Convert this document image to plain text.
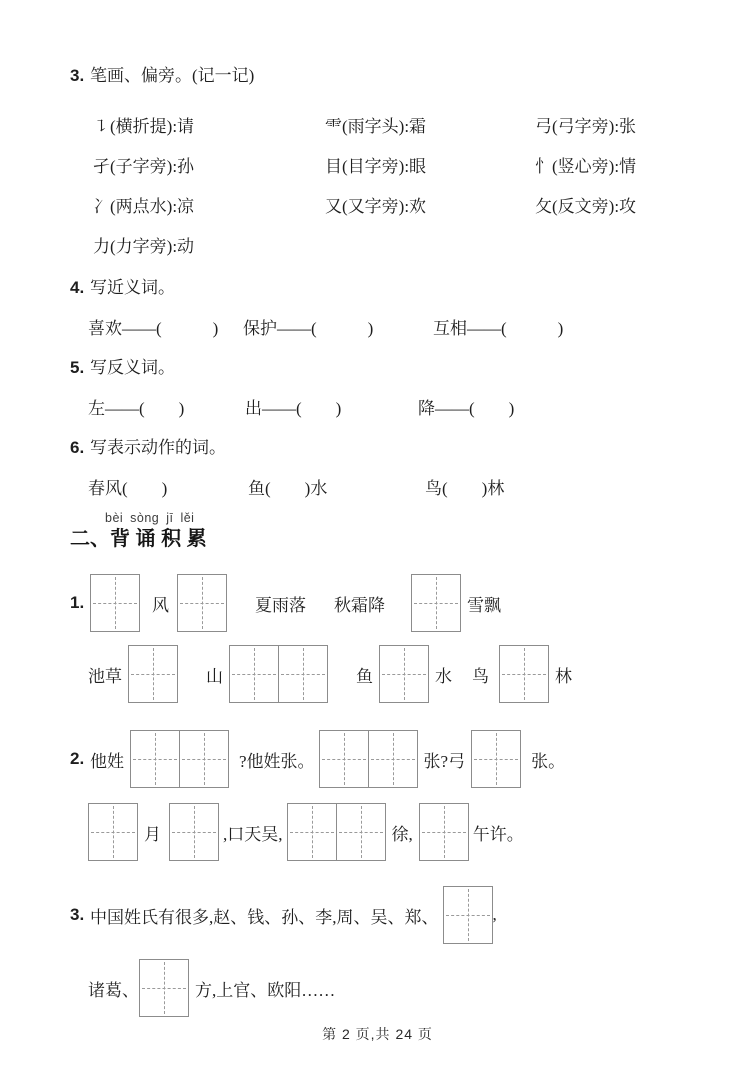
3. 笔画、偏旁。(记一记)
㇊(横折提):请	⻗(雨字头):霜	弓(弓字旁):张
孑(子字旁):孙	目(目字旁):眼	忄(竖心旁):情
冫(两点水):凉	又(又字旁):欢	攵(反文旁):攻
力(力字旁):动
4. 写近义词。
喜欢——(　　　)	保护——(　　　)	互相——(　　　)
5. 写反义词。
左——(　　)	出——(　　)	降——(　　)
6. 写表示动作的词。
春风(　　)	鱼(　　)水	鸟(　　)林
bèi sòng jī lěi
二、背 诵 积 累
1.	风	夏雨落 秋霜降	雪飘
池草	山	鱼	水 鸟	林
2. 他姓	?他姓张。	张?弓	张。
月	,口天吴,	徐,	午许。
3. 中国姓氏有很多,赵、钱、孙、李,周、吴、郑、	,
诸葛、	方,上官、欧阳……
第 2 页,共 24 页
